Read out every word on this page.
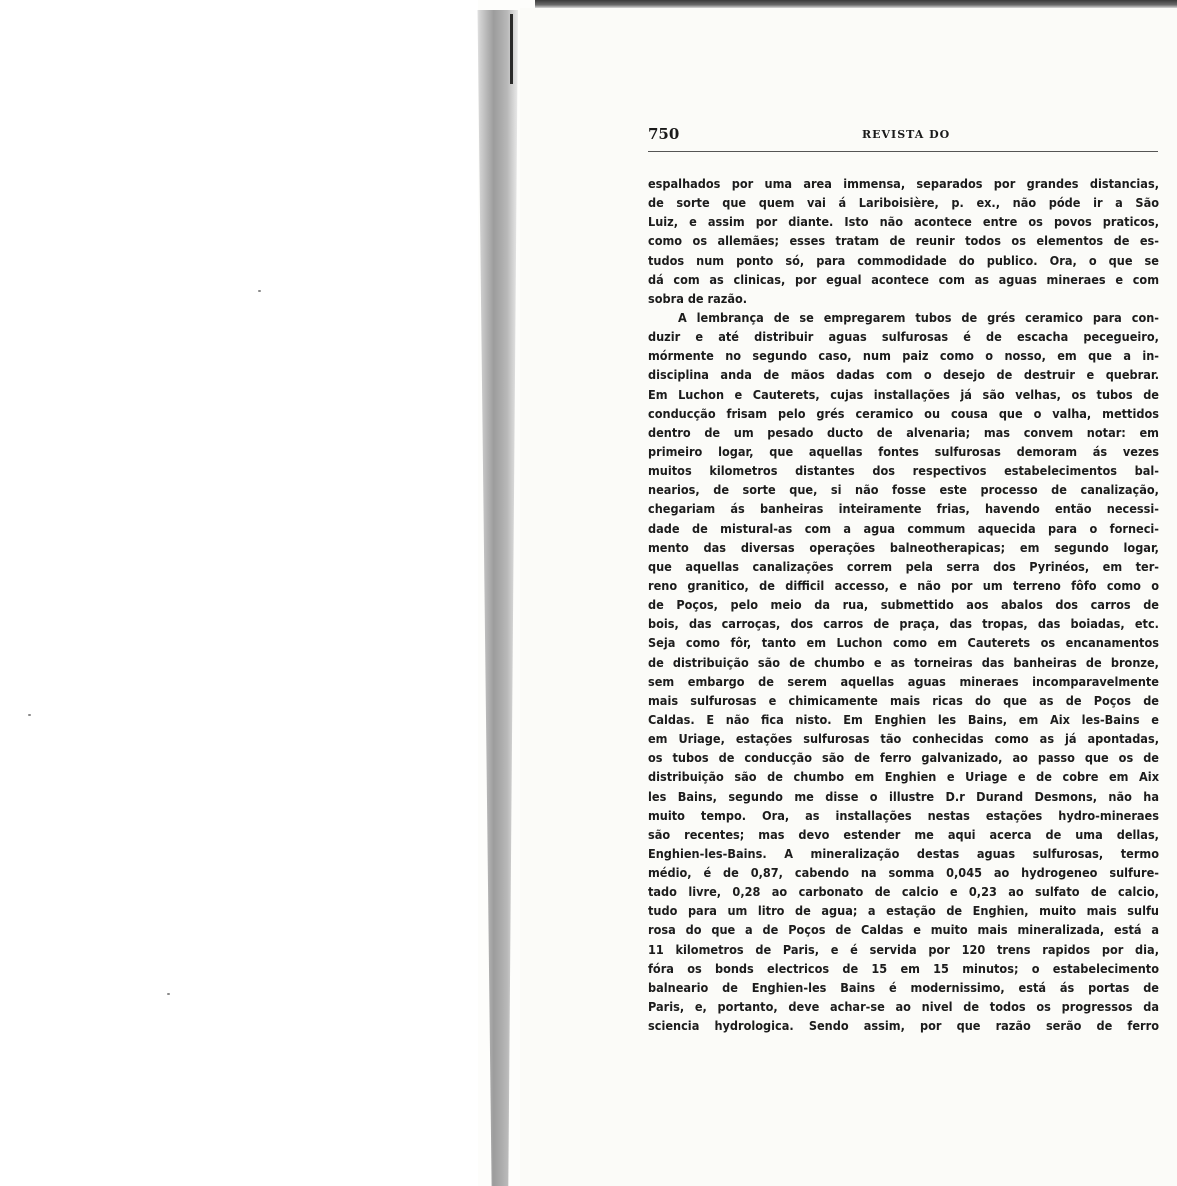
750	REVISTA DO
espalhados por uma area immensa, separados por grandes distancias,
de sorte que quem vai á Lariboisière, p. ex., não póde ir a São
Luiz, e assim por diante. Isto não acontece entre os povos praticos,
como os allemães; esses tratam de reunir todos os elementos de es-
tudos num ponto só, para commodidade do publico. Ora, o que se
dá com as clinicas, por egual acontece com as aguas mineraes e com
sobra de razão.
A lembrança de se empregarem tubos de grés ceramico para con-
duzir e até distribuir aguas sulfurosas é de escacha pecegueiro,
mórmente no segundo caso, num paiz como o nosso, em que a in-
disciplina anda de mãos dadas com o desejo de destruir e quebrar.
Em Luchon e Cauterets, cujas installações já são velhas, os tubos de
conducção frisam pelo grés ceramico ou cousa que o valha, mettidos
dentro de um pesado ducto de alvenaria; mas convem notar: em
primeiro logar, que aquellas fontes sulfurosas demoram ás vezes
muitos kilometros distantes dos respectivos estabelecimentos bal-
nearios, de sorte que, si não fosse este processo de canalização,
chegariam ás banheiras inteiramente frias, havendo então necessi-
dade de mistural-as com a agua commum aquecida para o forneci-
mento das diversas operações balneotherapicas; em segundo logar,
que aquellas canalizações correm pela serra dos Pyrinéos, em ter-
reno granitico, de difficil accesso, e não por um terreno fôfo como o
de Poços, pelo meio da rua, submettido aos abalos dos carros de
bois, das carroças, dos carros de praça, das tropas, das boiadas, etc.
Seja como fôr, tanto em Luchon como em Cauterets os encanamentos
de distribuição são de chumbo e as torneiras das banheiras de bronze,
sem embargo de serem aquellas aguas mineraes incomparavelmente
mais sulfurosas e chimicamente mais ricas do que as de Poços de
Caldas. E não fica nisto. Em Enghien les Bains, em Aix les-Bains e
em Uriage, estações sulfurosas tão conhecidas como as já apontadas,
os tubos de conducção são de ferro galvanizado, ao passo que os de
distribuição são de chumbo em Enghien e Uriage e de cobre em Aix
les Bains, segundo me disse o illustre D.r Durand Desmons, não ha
muito tempo. Ora, as installações nestas estações hydro-mineraes
são recentes; mas devo estender me aqui acerca de uma dellas,
Enghien-les-Bains. A mineralização destas aguas sulfurosas, termo
médio, é de 0,87, cabendo na somma 0,045 ao hydrogeneo sulfure-
tado livre, 0,28 ao carbonato de calcio e 0,23 ao sulfato de calcio,
tudo para um litro de agua; a estação de Enghien, muito mais sulfu
rosa do que a de Poços de Caldas e muito mais mineralizada, está a
11 kilometros de Paris, e é servida por 120 trens rapidos por dia,
fóra os bonds electricos de 15 em 15 minutos; o estabelecimento
balneario de Enghien-les Bains é modernissimo, está ás portas de
Paris, e, portanto, deve achar-se ao nivel de todos os progressos da
sciencia hydrologica. Sendo assim, por que razão serão de ferro
